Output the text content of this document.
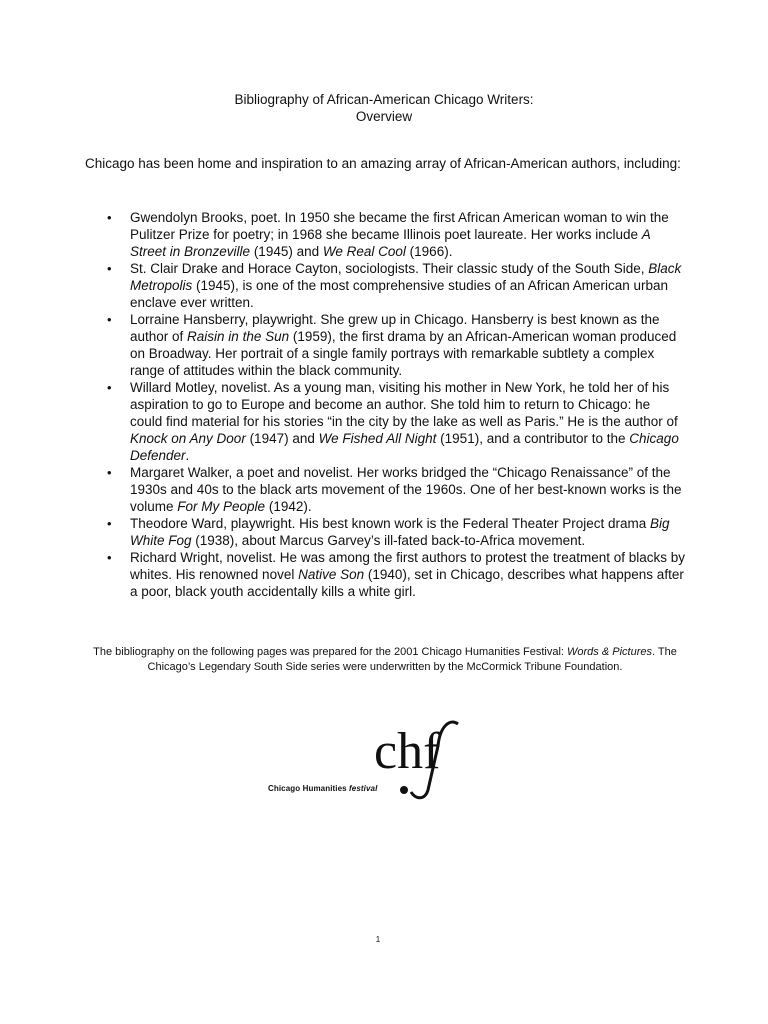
Bibliography of African-American Chicago Writers:
Overview
Chicago has been home and inspiration to an amazing array of African-American authors, including:
• Gwendolyn Brooks, poet. In 1950 she became the first African American woman to win the Pulitzer Prize for poetry; in 1968 she became Illinois poet laureate. Her works include A Street in Bronzeville (1945) and We Real Cool (1966).
• St. Clair Drake and Horace Cayton, sociologists. Their classic study of the South Side, Black Metropolis (1945), is one of the most comprehensive studies of an African American urban enclave ever written.
• Lorraine Hansberry, playwright. She grew up in Chicago. Hansberry is best known as the author of Raisin in the Sun (1959), the first drama by an African-American woman produced on Broadway. Her portrait of a single family portrays with remarkable subtlety a complex range of attitudes within the black community.
• Willard Motley, novelist. As a young man, visiting his mother in New York, he told her of his aspiration to go to Europe and become an author. She told him to return to Chicago: he could find material for his stories “in the city by the lake as well as Paris.” He is the author of Knock on Any Door (1947) and We Fished All Night (1951), and a contributor to the Chicago Defender.
• Margaret Walker, a poet and novelist. Her works bridged the “Chicago Renaissance” of the 1930s and 40s to the black arts movement of the 1960s. One of her best-known works is the volume For My People (1942).
• Theodore Ward, playwright. His best known work is the Federal Theater Project drama Big White Fog (1938), about Marcus Garvey’s ill-fated back-to-Africa movement.
• Richard Wright, novelist. He was among the first authors to protest the treatment of blacks by whites. His renowned novel Native Son (1940), set in Chicago, describes what happens after a poor, black youth accidentally kills a white girl.
The bibliography on the following pages was prepared for the 2001 Chicago Humanities Festival: Words & Pictures. The Chicago’s Legendary South Side series were underwritten by the McCormick Tribune Foundation.
chf
Chicago Humanities festival
1
